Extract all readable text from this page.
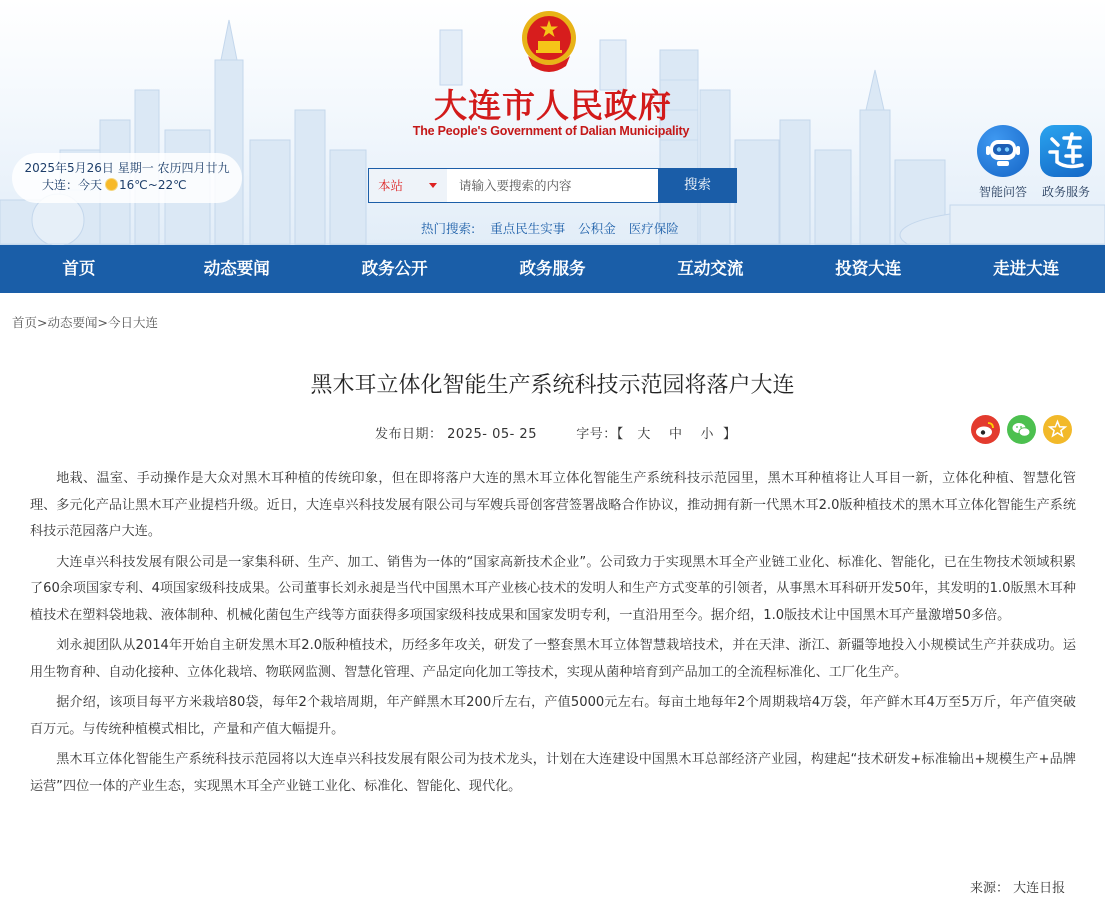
大连市人民政府
The People's Government of Dalian Municipality
2025年5月26日 星期一 农历四月廿九
大连：今天 16℃~22℃	本站
请输入要搜索的内容	搜索
热门搜索: 重点民生实事 公积金 医疗保险
智能问答	政务服务
首页	动态要闻	政务公开	政务服务	互动交流	投资大连	走进大连
首页>动态要闻>今日大连
黑木耳立体化智能生产系统科技示范园将落户大连
发布日期： 2025- 05- 25	字号：【 大 中 小 】

地栽、温室、手动操作是大众对黑木耳种植的传统印象，但在即将落户大连的黑木耳立体化智能生产系统科技示范园里，黑木耳种植将让人耳目一新，立体化种植、智慧化管理、多元化产品让黑木耳产业提档升级。近日，大连卓兴科技发展有限公司与军嫂兵哥创客营签署战略合作协议，推动拥有新一代黑木耳2.0版种植技术的黑木耳立体化智能生产系统科技示范园落户大连。

大连卓兴科技发展有限公司是一家集科研、生产、加工、销售为一体的“国家高新技术企业”。公司致力于实现黑木耳全产业链工业化、标准化、智能化，已在生物技术领域积累了60余项国家专利、4项国家级科技成果。公司董事长刘永昶是当代中国黑木耳产业核心技术的发明人和生产方式变革的引领者，从事黑木耳科研开发50年，其发明的1.0版黑木耳种植技术在塑料袋地栽、液体制种、机械化菌包生产线等方面获得多项国家级科技成果和国家发明专利，一直沿用至今。据介绍，1.0版技术让中国黑木耳产量激增50多倍。

刘永昶团队从2014年开始自主研发黑木耳2.0版种植技术，历经多年攻关，研发了一整套黑木耳立体智慧栽培技术，并在天津、浙江、新疆等地投入小规模试生产并获成功。运用生物育种、自动化接种、立体化栽培、物联网监测、智慧化管理、产品定向化加工等技术，实现从菌种培育到产品加工的全流程标准化、工厂化生产。

据介绍，该项目每平方米栽培80袋，每年2个栽培周期，年产鲜黑木耳200斤左右，产值5000元左右。每亩土地每年2个周期栽培4万袋，年产鲜木耳4万至5万斤，年产值突破百万元。与传统种植模式相比，产量和产值大幅提升。

黑木耳立体化智能生产系统科技示范园将以大连卓兴科技发展有限公司为技术龙头，计划在大连建设中国黑木耳总部经济产业园，构建起“技术研发+标准输出+规模生产+品牌运营”四位一体的产业生态，实现黑木耳全产业链工业化、标准化、智能化、现代化。

来源： 大连日报
